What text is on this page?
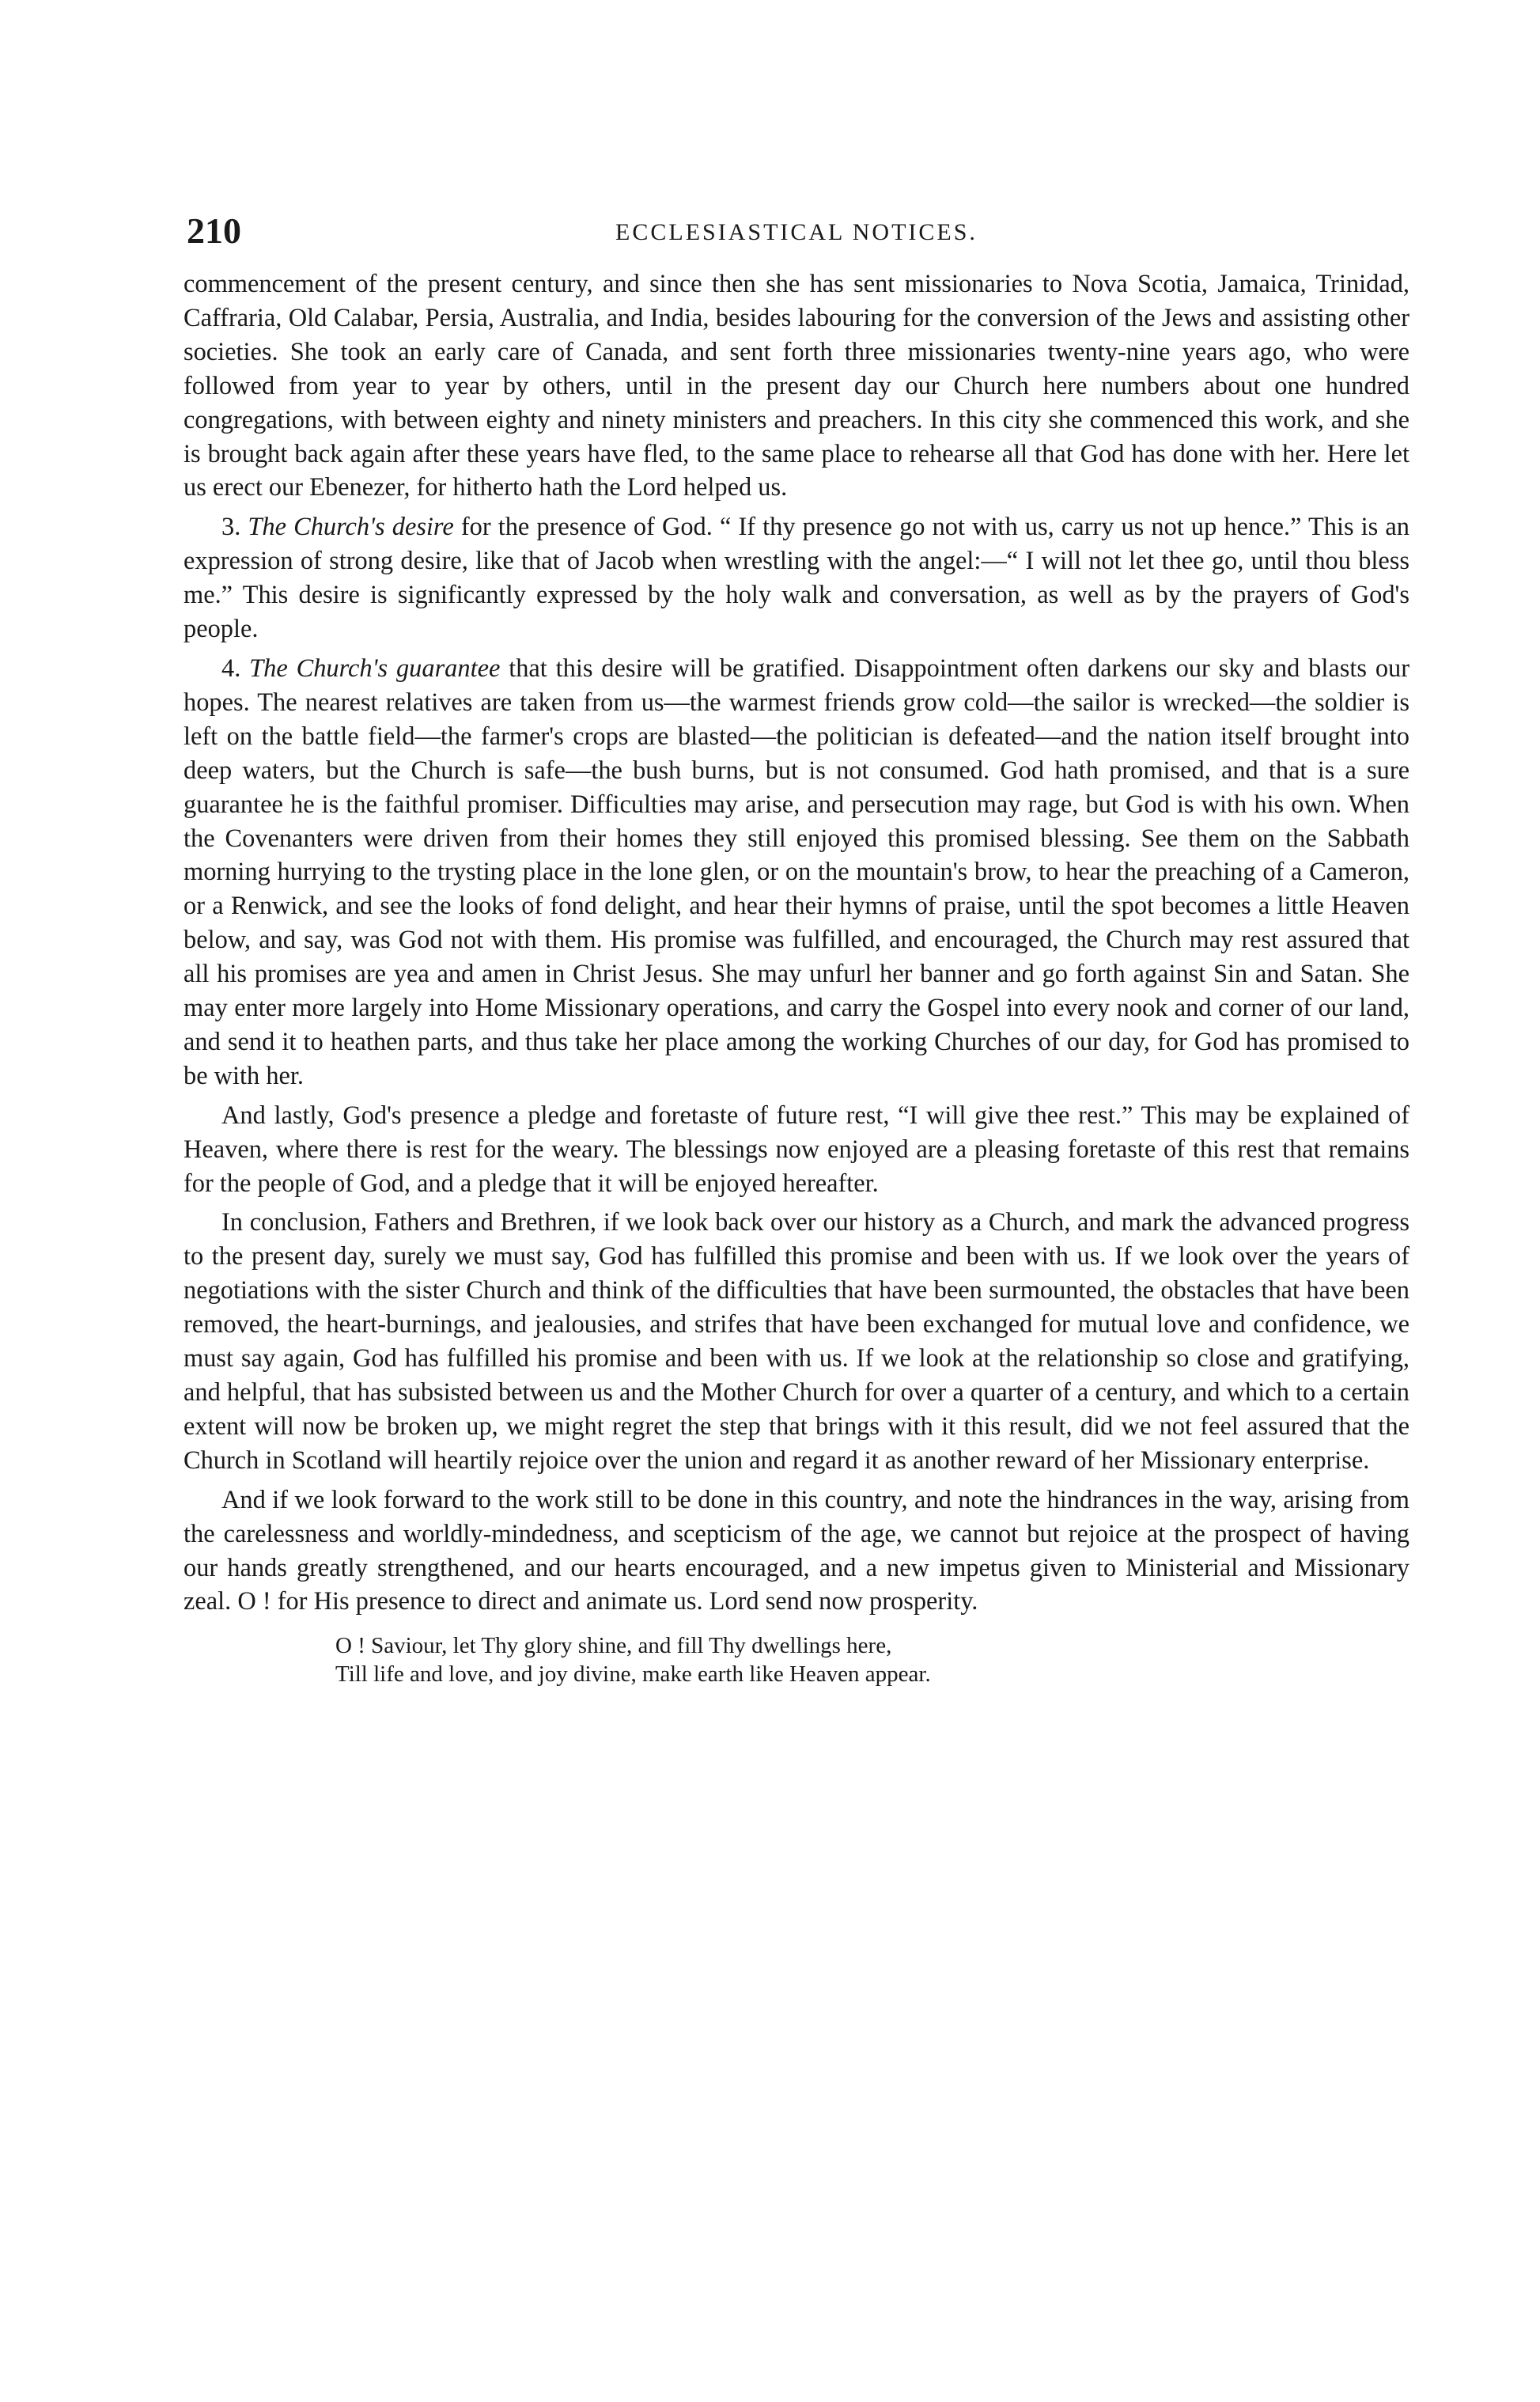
210	ECCLESIASTICAL NOTICES.

commencement of the present century, and since then she has sent missionaries to Nova Scotia, Jamaica, Trinidad, Caffraria, Old Calabar, Persia, Australia, and India, besides labouring for the conversion of the Jews and assisting other societies. She took an early care of Canada, and sent forth three missionaries twenty-nine years ago, who were followed from year to year by others, until in the present day our Church here numbers about one hundred congregations, with between eighty and ninety ministers and preachers. In this city she commenced this work, and she is brought back again after these years have fled, to the same place to rehearse all that God has done with her. Here let us erect our Ebenezer, for hitherto hath the Lord helped us.

3. The Church's desire for the presence of God. “ If thy presence go not with us, carry us not up hence.” This is an expression of strong desire, like that of Jacob when wrestling with the angel:—“ I will not let thee go, until thou bless me.” This desire is significantly expressed by the holy walk and conversation, as well as by the prayers of God's people.

4. The Church's guarantee that this desire will be gratified. Disappointment often darkens our sky and blasts our hopes. The nearest relatives are taken from us—the warmest friends grow cold—the sailor is wrecked—the soldier is left on the battle field—the farmer's crops are blasted—the politician is defeated—and the nation itself brought into deep waters, but the Church is safe—the bush burns, but is not consumed. God hath promised, and that is a sure guarantee he is the faithful promiser. Difficulties may arise, and persecution may rage, but God is with his own. When the Covenanters were driven from their homes they still enjoyed this promised blessing. See them on the Sabbath morning hurrying to the trysting place in the lone glen, or on the mountain's brow, to hear the preaching of a Cameron, or a Renwick, and see the looks of fond delight, and hear their hymns of praise, until the spot becomes a little Heaven below, and say, was God not with them. His promise was fulfilled, and encouraged, the Church may rest assured that all his promises are yea and amen in Christ Jesus. She may unfurl her banner and go forth against Sin and Satan. She may enter more largely into Home Missionary operations, and carry the Gospel into every nook and corner of our land, and send it to heathen parts, and thus take her place among the working Churches of our day, for God has promised to be with her.

And lastly, God's presence a pledge and foretaste of future rest, “I will give thee rest.” This may be explained of Heaven, where there is rest for the weary. The blessings now enjoyed are a pleasing foretaste of this rest that remains for the people of God, and a pledge that it will be enjoyed hereafter.

In conclusion, Fathers and Brethren, if we look back over our history as a Church, and mark the advanced progress to the present day, surely we must say, God has fulfilled this promise and been with us. If we look over the years of negotiations with the sister Church and think of the difficulties that have been surmounted, the obstacles that have been removed, the heart-burnings, and jealousies, and strifes that have been exchanged for mutual love and confidence, we must say again, God has fulfilled his promise and been with us. If we look at the relationship so close and gratifying, and helpful, that has subsisted between us and the Mother Church for over a quarter of a century, and which to a certain extent will now be broken up, we might regret the step that brings with it this result, did we not feel assured that the Church in Scotland will heartily rejoice over the union and regard it as another reward of her Missionary enterprise.

And if we look forward to the work still to be done in this country, and note the hindrances in the way, arising from the carelessness and worldly-mindedness, and scepticism of the age, we cannot but rejoice at the prospect of having our hands greatly strengthened, and our hearts encouraged, and a new impetus given to Ministerial and Missionary zeal. O ! for His presence to direct and animate us. Lord send now prosperity.

O ! Saviour, let Thy glory shine, and fill Thy dwellings here,
Till life and love, and joy divine, make earth like Heaven appear.
